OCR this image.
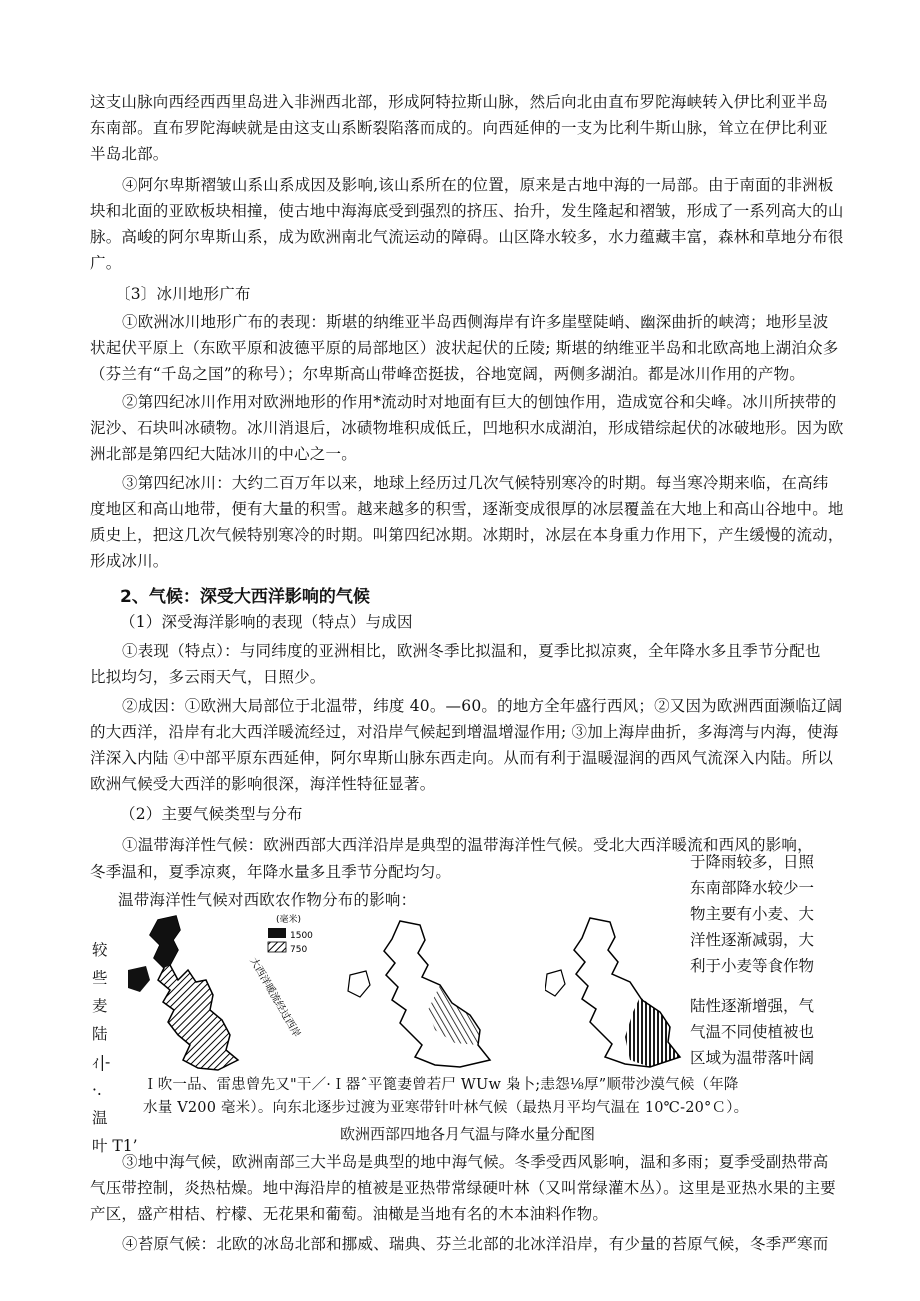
这支山脉向西经西西里岛进入非洲西北部，形成阿特拉斯山脉，然后向北由直布罗陀海峡转入伊比利亚半岛
东南部。直布罗陀海峡就是由这支山系断裂陷落而成的。向西延伸的一支为比利牛斯山脉，耸立在伊比利亚
半岛北部。
④阿尔卑斯褶皱山系山系成因及影响,该山系所在的位置，原来是古地中海的一局部。由于南面的非洲板
块和北面的亚欧板块相撞，使古地中海海底受到强烈的挤压、抬升，发生隆起和褶皱，形成了一系列高大的山
脉。高峻的阿尔卑斯山系，成为欧洲南北气流运动的障碍。山区降水较多，水力蕴藏丰富，森林和草地分布很
广。
〔3〕冰川地形广布
①欧洲冰川地形广布的表现：斯堪的纳维亚半岛西侧海岸有许多崖壁陡峭、幽深曲折的峡湾；地形呈波
状起伏平原上（东欧平原和波德平原的局部地区）波状起伏的丘陵; 斯堪的纳维亚半岛和北欧高地上湖泊众多
（芬兰有“千岛之国”的称号）；尔卑斯高山带峰峦挺拔，谷地宽阔，两侧多湖泊。都是冰川作用的产物。
②第四纪冰川作用对欧洲地形的作用*流动时对地面有巨大的刨蚀作用，造成宽谷和尖峰。冰川所挟带的
泥沙、石块叫冰碛物。冰川消退后，冰碛物堆积成低丘，凹地积水成湖泊，形成错综起伏的冰破地形。因为欧
洲北部是第四纪大陆冰川的中心之一。
③第四纪冰川：大约二百万年以来，地球上经历过几次气候特别寒冷的时期。每当寒冷期来临，在高纬
度地区和高山地带，便有大量的积雪。越来越多的积雪，逐渐变成很厚的冰层覆盖在大地上和高山谷地中。地
质史上，把这几次气候特别寒冷的时期。叫第四纪冰期。冰期时，冰层在本身重力作用下，产生缓慢的流动，
形成冰川。
2、气候：深受大西洋影响的气候
（1）深受海洋影响的表现（特点）与成因
①表现（特点）：与同纬度的亚洲相比，欧洲冬季比拟温和，夏季比拟凉爽，全年降水多且季节分配也
比拟均匀，多云雨天气，日照少。
②成因：①欧洲大局部位于北温带，纬度 40。—60。的地方全年盛行西风；②又因为欧洲西面濒临辽阔
的大西洋，沿岸有北大西洋暖流经过，对沿岸气候起到增温增湿作用; ③加上海岸曲折，多海湾与内海，使海
洋深入内陆 ④中部平原东西延伸，阿尔卑斯山脉东西走向。从而有利于温暖湿润的西风气流深入内陆。所以
欧洲气候受大西洋的影响很深，海洋性特征显著。
（2）主要气候类型与分布
①温带海洋性气候：欧洲西部大西洋沿岸是典型的温带海洋性气候。受北大西洋暖流和西风的影响，
冬季温和，夏季凉爽，年降水量多且季节分配均匀。
温带海洋性气候对西欧农作物分布的影响：
较
些
麦
陆
ｨ|-
·.
温
叶 T1’
(毫米)
1500
750
大西洋暖流经过西岸
于降雨较多，日照
东南部降水较少一
物主要有小麦、大
洋性逐渐减弱，大
利于小麦等食作物
陆性逐渐增强，气
气温不同使植被也
区域为温带落叶阔
Ｉ吹一品、雷患曾先又"干／·Ｉ器ˆ平篦妻曾若尸 WUw 枭卜;恚怨⅛厚”顺带沙漠气候（年降
水量 V200 毫米）。向东北逐步过渡为亚寒带针叶林气候（最热月平均气温在 10℃-20°Ｃ）。
欧洲西部四地各月气温与降水量分配图
③地中海气候，欧洲南部三大半岛是典型的地中海气候。冬季受西风影响，温和多雨；夏季受副热带高
气压带控制，炎热枯燥。地中海沿岸的植被是亚热带常绿硬叶林（又叫常绿灌木丛）。这里是亚热水果的主要
产区，盛产柑桔、柠檬、无花果和葡萄。油橄是当地有名的木本油料作物。
④苔原气候：北欧的冰岛北部和挪威、瑞典、芬兰北部的北冰洋沿岸，有少量的苔原气候，冬季严寒而
